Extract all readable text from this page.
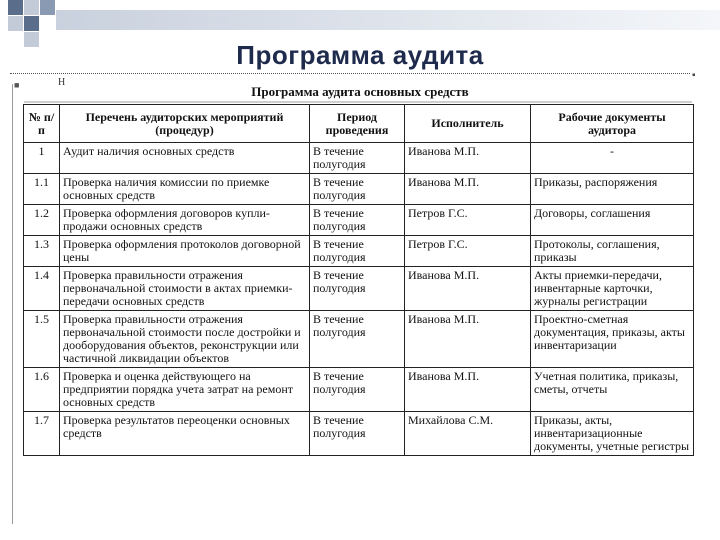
Программа аудита
▪
■	Н
Программа аудита основных средств
№ п/п	Перечень аудиторских мероприятий (процедур)	Период проведения	Исполнитель	Рабочие документы аудитора
1	Аудит наличия основных средств	В течение полугодия	Иванова М.П.	-
1.1	Проверка наличия комиссии по приемке основных средств	В течение полугодия	Иванова М.П.	Приказы, распоряжения
1.2	Проверка оформления договоров купли-продажи основных средств	В течение полугодия	Петров Г.С.	Договоры, соглашения
1.3	Проверка оформления протоколов договорной цены	В течение полугодия	Петров Г.С.	Протоколы, соглашения, приказы
1.4	Проверка правильности отражения первоначальной стоимости в актах приемки-передачи основных средств	В течение полугодия	Иванова М.П.	Акты приемки-передачи, инвентарные карточки, журналы регистрации
1.5	Проверка правильности отражения первоначальной стоимости после достройки и дооборудования объектов, реконструкции или частичной ликвидации объектов	В течение полугодия	Иванова М.П.	Проектно-сметная документация, приказы, акты инвентаризации
1.6	Проверка и оценка действующего на предприятии порядка учета затрат на ремонт основных средств	В течение полугодия	Иванова М.П.	Учетная политика, приказы, сметы, отчеты
1.7	Проверка результатов переоценки основных средств	В течение полугодия	Михайлова С.М.	Приказы, акты, инвентаризационные документы, учетные регистры
